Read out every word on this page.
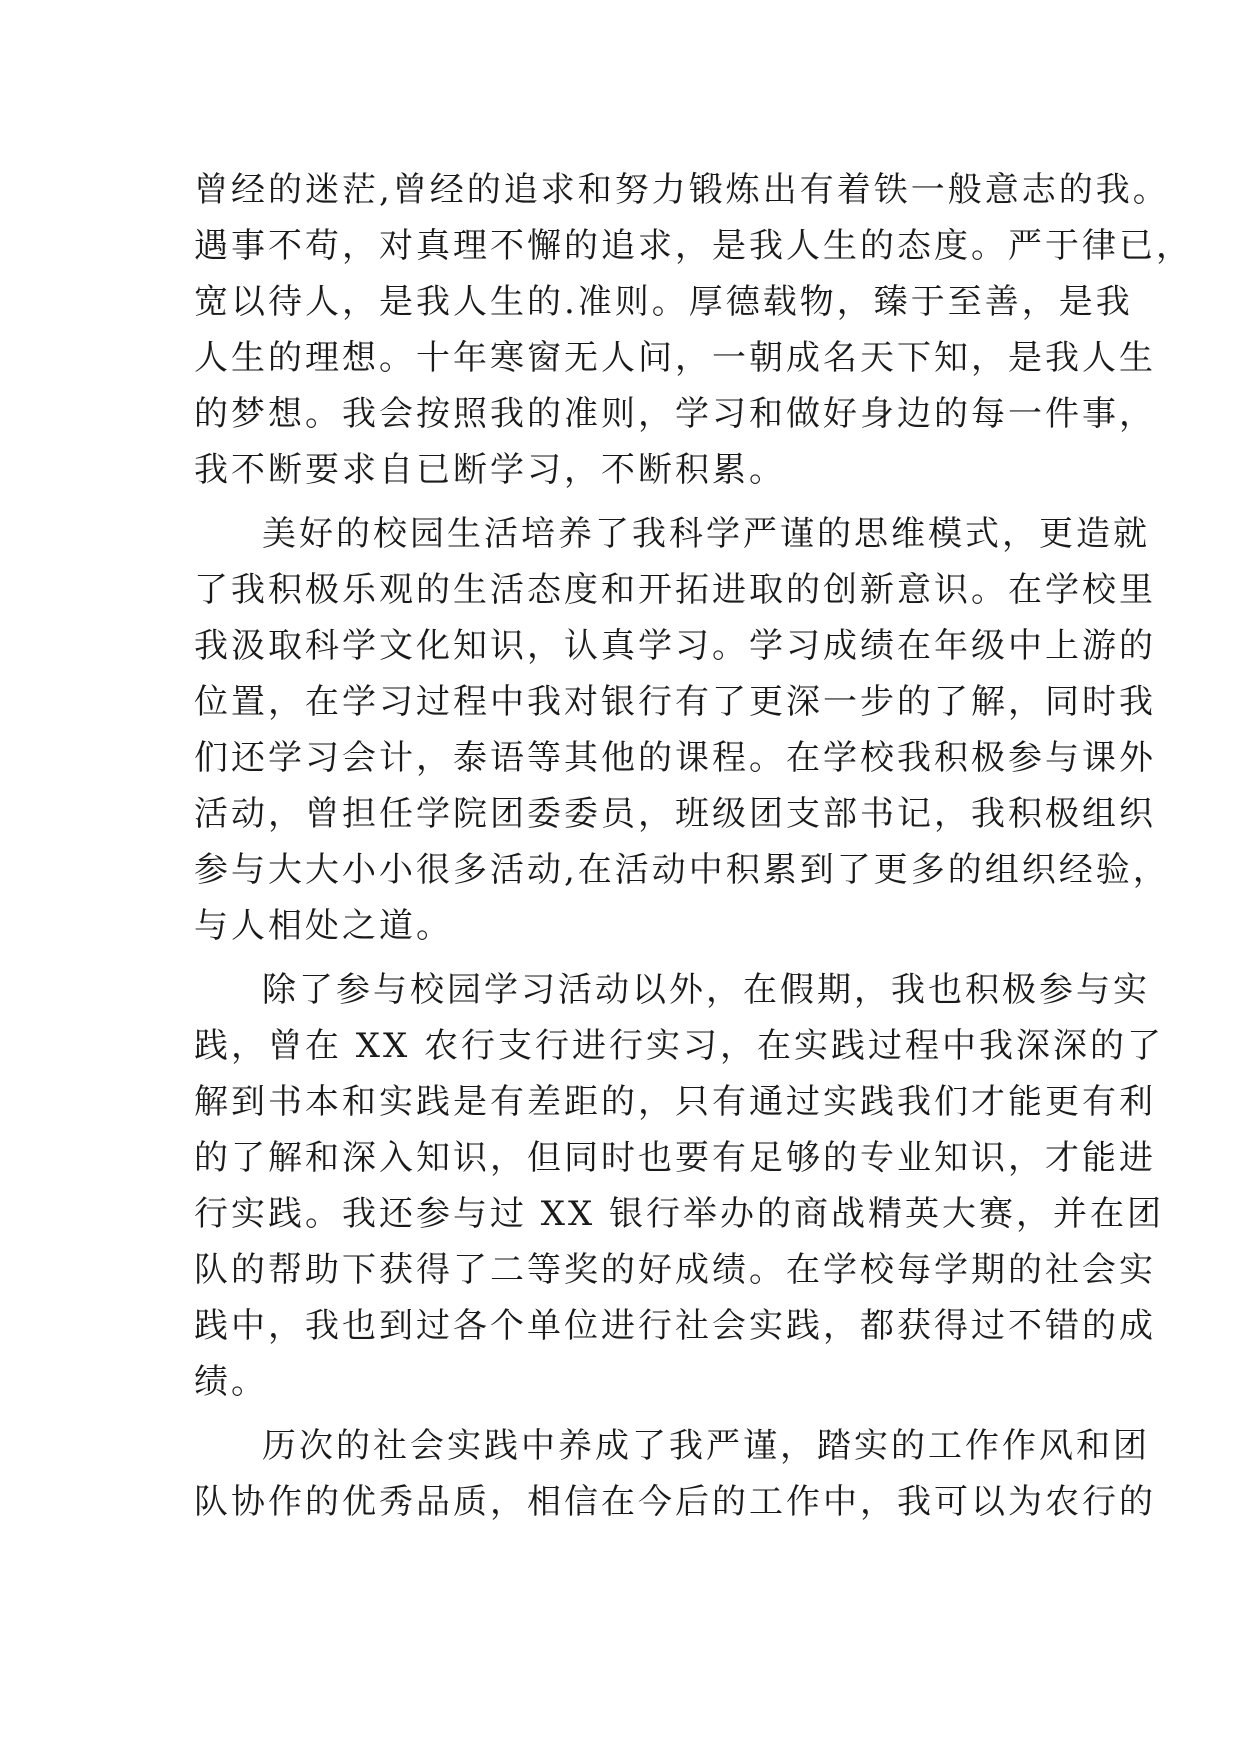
曾经的迷茫,曾经的追求和努力锻炼出有着铁一般意志的我。
遇事不苟，对真理不懈的追求，是我人生的态度。严于律已，
宽以待人，是我人生的.准则。厚德载物，臻于至善，是我
人生的理想。十年寒窗无人问，一朝成名天下知，是我人生
的梦想。我会按照我的准则，学习和做好身边的每一件事，
我不断要求自已断学习，不断积累。
美好的校园生活培养了我科学严谨的思维模式，更造就
了我积极乐观的生活态度和开拓进取的创新意识。在学校里
我汲取科学文化知识，认真学习。学习成绩在年级中上游的
位置，在学习过程中我对银行有了更深一步的了解，同时我
们还学习会计，泰语等其他的课程。在学校我积极参与课外
活动，曾担任学院团委委员，班级团支部书记，我积极组织
参与大大小小很多活动,在活动中积累到了更多的组织经验，
与人相处之道。
除了参与校园学习活动以外，在假期，我也积极参与实
践，曾在 XX 农行支行进行实习，在实践过程中我深深的了
解到书本和实践是有差距的，只有通过实践我们才能更有利
的了解和深入知识，但同时也要有足够的专业知识，才能进
行实践。我还参与过 XX 银行举办的商战精英大赛，并在团
队的帮助下获得了二等奖的好成绩。在学校每学期的社会实
践中，我也到过各个单位进行社会实践，都获得过不错的成
绩。
历次的社会实践中养成了我严谨，踏实的工作作风和团
队协作的优秀品质，相信在今后的工作中，我可以为农行的
